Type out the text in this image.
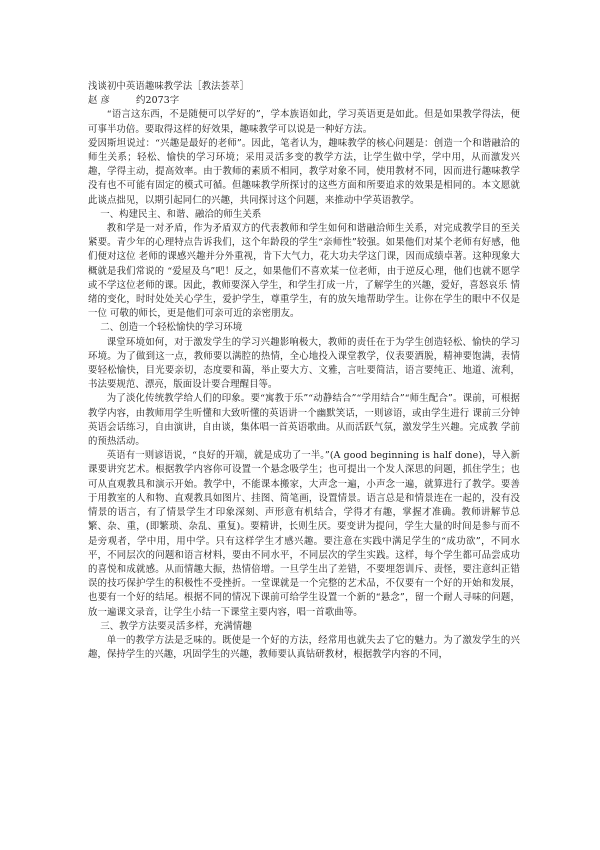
浅谈初中英语趣味教学法［教法荟萃］

赵 彦	约2073字

“语言这东西，不是随便可以学好的”，学本族语如此，学习英语更是如此。但是如果教学得法，便可事半功倍。要取得这样的好效果，趣味教学可以说是一种好方法。

爱因斯坦说过：“兴趣是最好的老师”。因此，笔者认为，趣味教学的核心问题是：创造一个和谐融洽的师生关系；轻松、愉快的学习环境；采用灵活多变的教学方法，让学生做中学，学中用，从而激发兴趣，学得主动，提高效率。由于教师的素质不相同，教学对象不同，使用教材不同，因而进行趣味教学没有也不可能有固定的模式可循。但趣味教学所探讨的这些方面和所要追求的效果是相同的。本文愿就此谈点拙见，以期引起同仁的兴趣，共同探讨这个问题，来推动中学英语教学。

一、构建民主、和谐、融洽的师生关系

教和学是一对矛盾，作为矛盾双方的代表教师和学生如何和谐融洽师生关系，对完成教学目的至关紧要。青少年的心理特点告诉我们，这个年龄段的学生“亲师性”较强。如果他们对某个老师有好感，他们便对这位 老师的课感兴趣并分外重视，肯下大气力，花大功夫学这门课，因而成绩卓著。这种现象大概就是我们常说的 “爱屋及乌”吧！反之，如果他们不喜欢某一位老师，由于逆反心理，他们也就不愿学或不学这位老师的课。因此，教师要深入学生，和学生打成一片，了解学生的兴趣，爱好，喜怒哀乐 情绪的变化，时时处处关心学生，爱护学生，尊重学生，有的放矢地帮助学生。让你在学生的眼中不仅是一位 可敬的师长，更是他们可亲可近的亲密朋友。

二、创造一个轻松愉快的学习环境

课堂环境如何，对于激发学生的学习兴趣影响极大，教师的责任在于为学生创造轻松、愉快的学习环境。为了做到这一点，教师要以满腔的热情，全心地投入课堂教学，仪表要洒脱，精神要饱满，表情要轻松愉快，目光要亲切，态度要和蔼，举止要大方、文雅，言吐要简洁，语言要纯正、地道、流利，书法要规范、漂亮，版面设计要合理醒目等。

为了淡化传统教学给人们的印象。要“寓教于乐”“动静结合”“学用结合”“师生配合”。课前，可根据教学内容，由教师用学生听懂和大致听懂的英语讲一个幽默笑话，一则谚语，或由学生进行 课前三分钟英语会话练习，自由演讲，自由谈，集体唱一首英语歌曲。从而活跃气氛，激发学生兴趣。完成教 学前的预热活动。

英语有一则谚语说，“良好的开端，就是成功了一半。”(A good beginning is half done)，导入新课要讲究艺术。根据教学内容你可设置一个悬念吸学生；也可提出一个发人深思的问题，抓住学生；也可从直观教具和演示开始。教学中，不能课本搬家，大声念一遍，小声念一遍，就算进行了教学。要善于用教室的人和物、直观教具如图片、挂图、简笔画，设置情景。语言总是和情景连在一起的，没有没情景的语言，有了情景学生才印象深刻、声形意有机结合，学得才有趣，掌握才准确。教师讲解节总繁、杂、重，(即繁琐、杂乱、重复)。要精讲，长则生厌。要变讲为提问，学生大量的时间是参与而不是旁观者，学中用，用中学。只有这样学生才感兴趣。要注意在实践中满足学生的“成功欲”，不同水平，不同层次的问题和语言材料，要由不同水平，不同层次的学生实践。这样，每个学生都可品尝成功的喜悦和成就感。从而情趣大振，热情倍增。一旦学生出了差错，不要埋怨训斥、责怪，要注意纠正错误的技巧保护学生的积极性不受挫折。一堂课就是一个完整的艺术品，不仅要有一个好的开始和发展，也要有一个好的结尾。根据不同的情况下课前可给学生设置一个新的“悬念”，留一个耐人寻味的问题，放一遍课文录音，让学生小结一下课堂主要内容，唱一首歌曲等。

三、教学方法要灵活多样，充满情趣

单一的教学方法是乏味的。既使是一个好的方法，经常用也就失去了它的魅力。为了激发学生的兴趣，保持学生的兴趣，巩固学生的兴趣，教师要认真钻研教材，根据教学内容的不同，
